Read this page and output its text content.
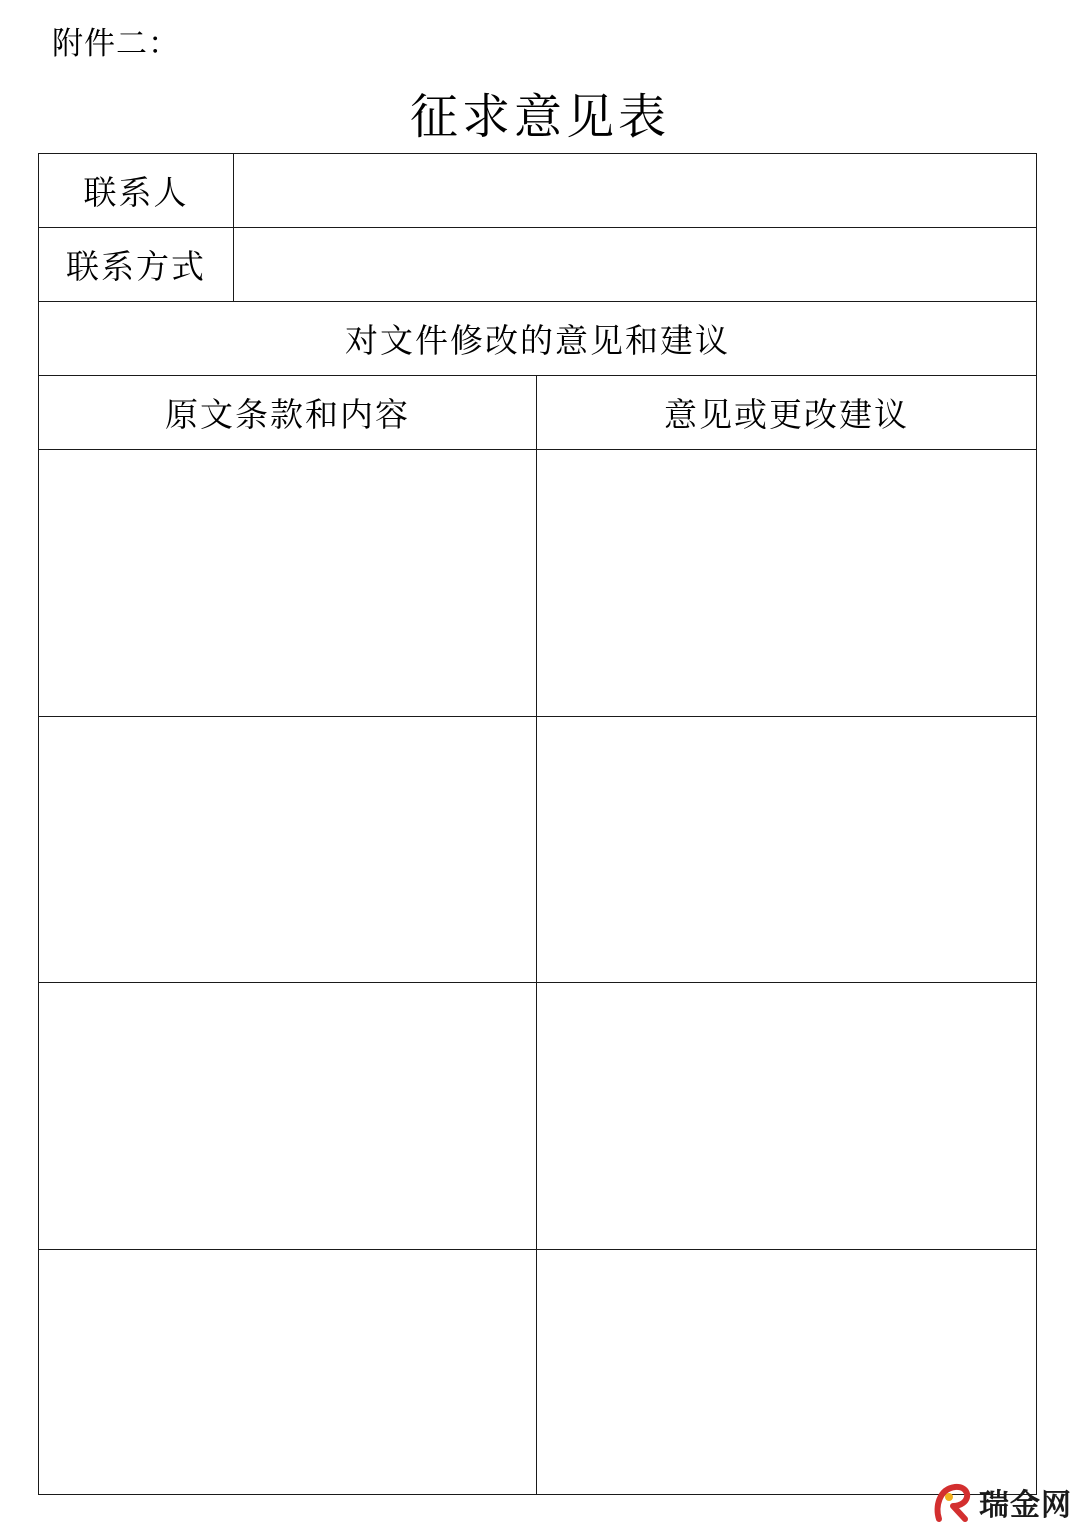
附件二：
征求意见表
联系人		
联系方式		
对文件修改的意见和建议		
原文条款和内容		意见或更改建议

瑞金网
